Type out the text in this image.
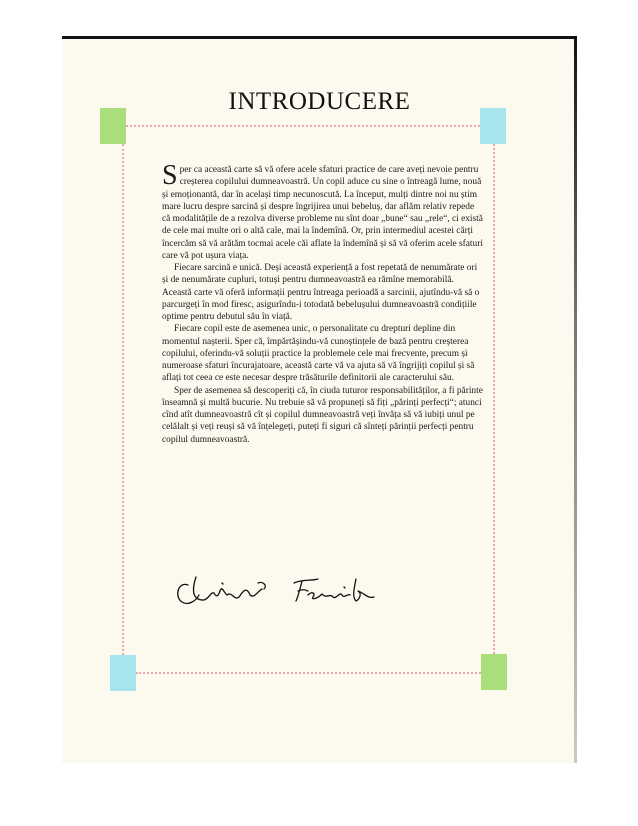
INTRODUCERE

Sper ca această carte să vă ofere acele sfaturi practice de care aveți nevoie pentru creșterea copilului dumneavoastră. Un copil aduce cu sine o întreagă lume, nouă și emoționantă, dar în același timp necunoscută. La început, mulți dintre noi nu știm mare lucru despre sarcină și despre îngrijirea unui bebeluș, dar aflăm relativ repede că modalitățile de a rezolva diverse probleme nu sînt doar „bune“ sau „rele“, ci există de cele mai multe ori o altă cale, mai la îndemînă. Or, prin intermediul acestei cărți încercăm să vă arătăm tocmai acele căi aflate la îndemînă și să vă oferim acele sfaturi care vă pot ușura viața.

Fiecare sarcină e unică. Deși această experiență a fost repetată de nenumărate ori și de nenumărate cupluri, totuși pentru dumneavoastră ea rămîne memorabilă. Această carte vă oferă informații pentru întreaga perioadă a sarcinii, ajutîndu-vă să o parcurgeți în mod firesc, asigurîndu-i totodată bebelușului dumneavoastră condițiile optime pentru debutul său în viață.

Fiecare copil este de asemenea unic, o personalitate cu drepturi depline din momentul nașterii. Sper că, împărtășindu-vă cunoștințele de bază pentru creșterea copilului, oferindu-vă soluții practice la problemele cele mai frecvente, precum și numeroase sfaturi încurajatoare, această carte vă va ajuta să vă îngrijiți copilul și să aflați tot ceea ce este necesar despre trăsăturile definitorii ale caracterului său.

Sper de asemenea să descoperiți că, în ciuda tuturor responsabilităților, a fi părinte înseamnă și multă bucurie. Nu trebuie să vă propuneți să fiți „părinți perfecți“; atunci cînd atît dumneavoastră cît și copilul dumneavoastră veți învăța să vă iubiți unul pe celălalt și veți reuși să vă înțelegeți, puteți fi siguri că sînteți părinții perfecți pentru copilul dumneavoastră.
